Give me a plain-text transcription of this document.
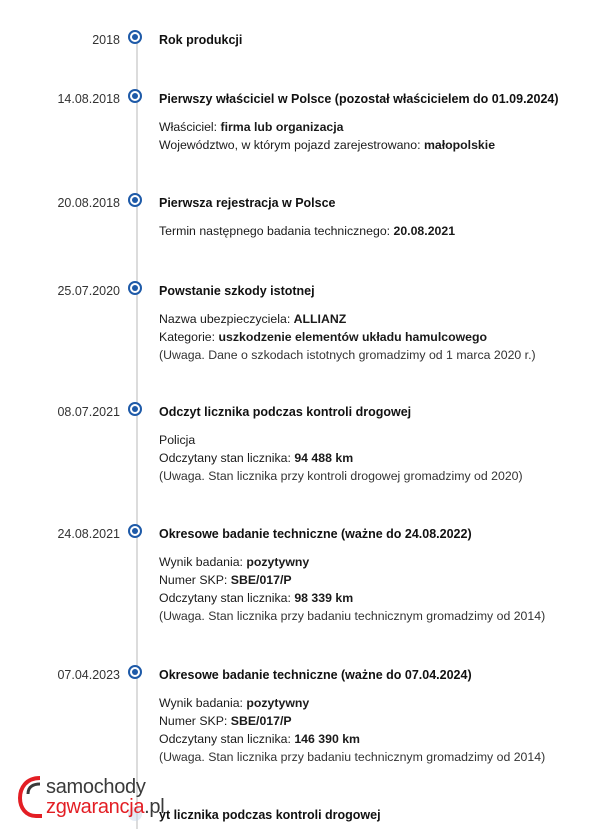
2018	Rok produkcji
14.08.2018	Pierwszy właściciel w Polsce (pozostał właścicielem do 01.09.2024)
Właściciel: firma lub organizacja
Województwo, w którym pojazd zarejestrowano: małopolskie
20.08.2018	Pierwsza rejestracja w Polsce
Termin następnego badania technicznego: 20.08.2021
25.07.2020	Powstanie szkody istotnej
Nazwa ubezpieczyciela: ALLIANZ
Kategorie: uszkodzenie elementów układu hamulcowego
(Uwaga. Dane o szkodach istotnych gromadzimy od 1 marca 2020 r.)
08.07.2021	Odczyt licznika podczas kontroli drogowej
Policja
Odczytany stan licznika: 94 488 km
(Uwaga. Stan licznika przy kontroli drogowej gromadzimy od 2020)
24.08.2021	Okresowe badanie techniczne (ważne do 24.08.2022)
Wynik badania: pozytywny
Numer SKP: SBE/017/P
Odczytany stan licznika: 98 339 km
(Uwaga. Stan licznika przy badaniu technicznym gromadzimy od 2014)
07.04.2023	Okresowe badanie techniczne (ważne do 07.04.2024)
Wynik badania: pozytywny
Numer SKP: SBE/017/P
Odczytany stan licznika: 146 390 km
(Uwaga. Stan licznika przy badaniu technicznym gromadzimy od 2014)
yt licznika podczas kontroli drogowej
samochody
zgwarancja.pl
